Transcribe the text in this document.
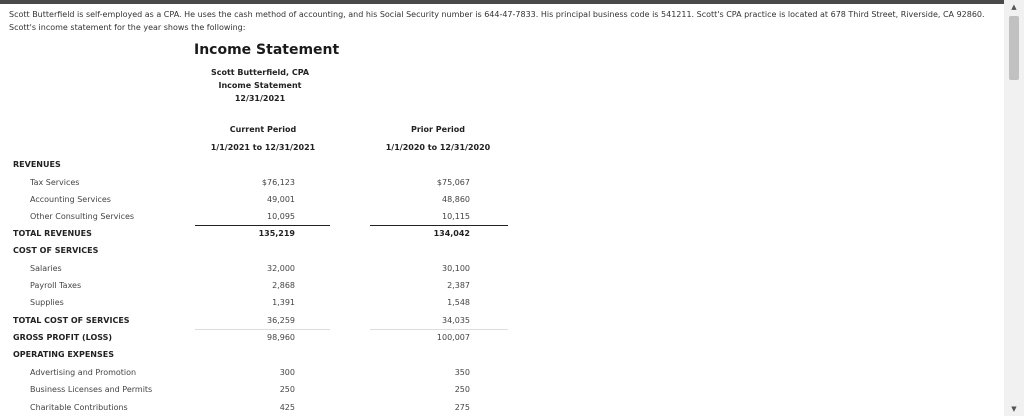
Scott Butterfield is self-employed as a CPA. He uses the cash method of accounting, and his Social Security number is 644-47-7833. His principal business code is 541211. Scott's CPA practice is located at 678 Third Street, Riverside, CA 92860. Scott's income statement for the year shows the following:
Income Statement
Scott Butterfield, CPA
Income Statement
12/31/2021
Current Period
1/1/2021 to 12/31/2021
Prior Period
1/1/2020 to 12/31/2020
REVENUES
Tax Services	$76,123	$75,067
Accounting Services	49,001	48,860
Other Consulting Services	10,095	10,115
TOTAL REVENUES	135,219	134,042
COST OF SERVICES
Salaries	32,000	30,100
Payroll Taxes	2,868	2,387
Supplies	1,391	1,548
TOTAL COST OF SERVICES	36,259	34,035
GROSS PROFIT (LOSS)	98,960	100,007
OPERATING EXPENSES
Advertising and Promotion	300	350
Business Licenses and Permits	250	250
Charitable Contributions	425	275
▲
▼
